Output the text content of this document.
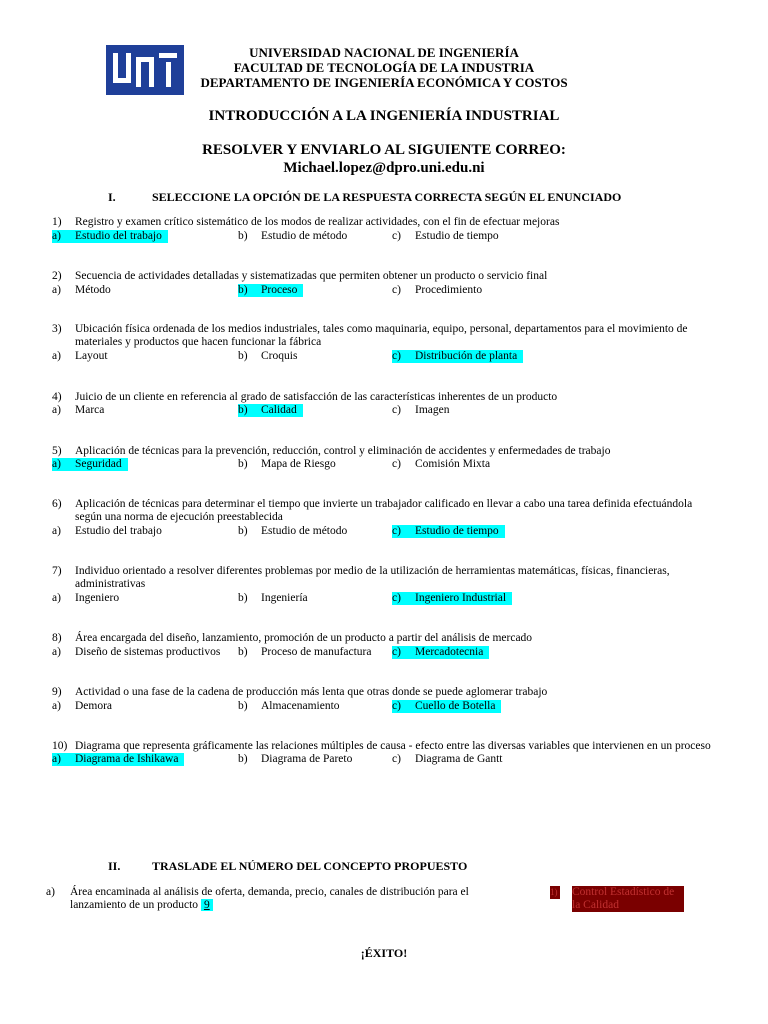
UNIVERSIDAD NACIONAL DE INGENIERÍA
FACULTAD DE TECNOLOGÍA DE LA INDUSTRIA
DEPARTAMENTO DE INGENIERÍA ECONÓMICA Y COSTOS
INTRODUCCIÓN A LA INGENIERÍA INDUSTRIAL
RESOLVER Y ENVIARLO AL SIGUIENTE CORREO:
Michael.lopez@dpro.uni.edu.ni
I.	SELECCIONE LA OPCIÓN DE LA RESPUESTA CORRECTA SEGÚN EL ENUNCIADO
1) Registro y examen crítico sistemático de los modos de realizar actividades, con el fin de efectuar mejoras
a) Estudio del trabajo	b) Estudio de método	c) Estudio de tiempo
2) Secuencia de actividades detalladas y sistematizadas que permiten obtener un producto o servicio final
a) Método	b) Proceso	c) Procedimiento
3) Ubicación física ordenada de los medios industriales, tales como maquinaria, equipo, personal, departamentos para el movimiento de materiales y productos que hacen funcionar la fábrica
a) Layout	b) Croquis	c) Distribución de planta
4) Juicio de un cliente en referencia al grado de satisfacción de las características inherentes de un producto
a) Marca	b) Calidad	c) Imagen
5) Aplicación de técnicas para la prevención, reducción, control y eliminación de accidentes y enfermedades de trabajo
a) Seguridad	b) Mapa de Riesgo	c) Comisión Mixta
6) Aplicación de técnicas para determinar el tiempo que invierte un trabajador calificado en llevar a cabo una tarea definida efectuándola según una norma de ejecución preestablecida
a) Estudio del trabajo	b) Estudio de método	c) Estudio de tiempo
7) Individuo orientado a resolver diferentes problemas por medio de la utilización de herramientas matemáticas, físicas, financieras, administrativas
a) Ingeniero	b) Ingeniería	c) Ingeniero Industrial
8) Área encargada del diseño, lanzamiento, promoción de un producto a partir del análisis de mercado
a) Diseño de sistemas productivos	b) Proceso de manufactura	c) Mercadotecnia
9) Actividad o una fase de la cadena de producción más lenta que otras donde se puede aglomerar trabajo
a) Demora	b) Almacenamiento	c) Cuello de Botella
10) Diagrama que representa gráficamente las relaciones múltiples de causa - efecto entre las diversas variables que intervienen en un proceso
a) Diagrama de Ishikawa	b) Diagrama de Pareto	c) Diagrama de Gantt
II.	TRASLADE EL NÚMERO DEL CONCEPTO PROPUESTO
a) Área encaminada al análisis de oferta, demanda, precio, canales de distribución para el lanzamiento de un producto 9
1) Control Estadístico de la Calidad
¡ÉXITO!
